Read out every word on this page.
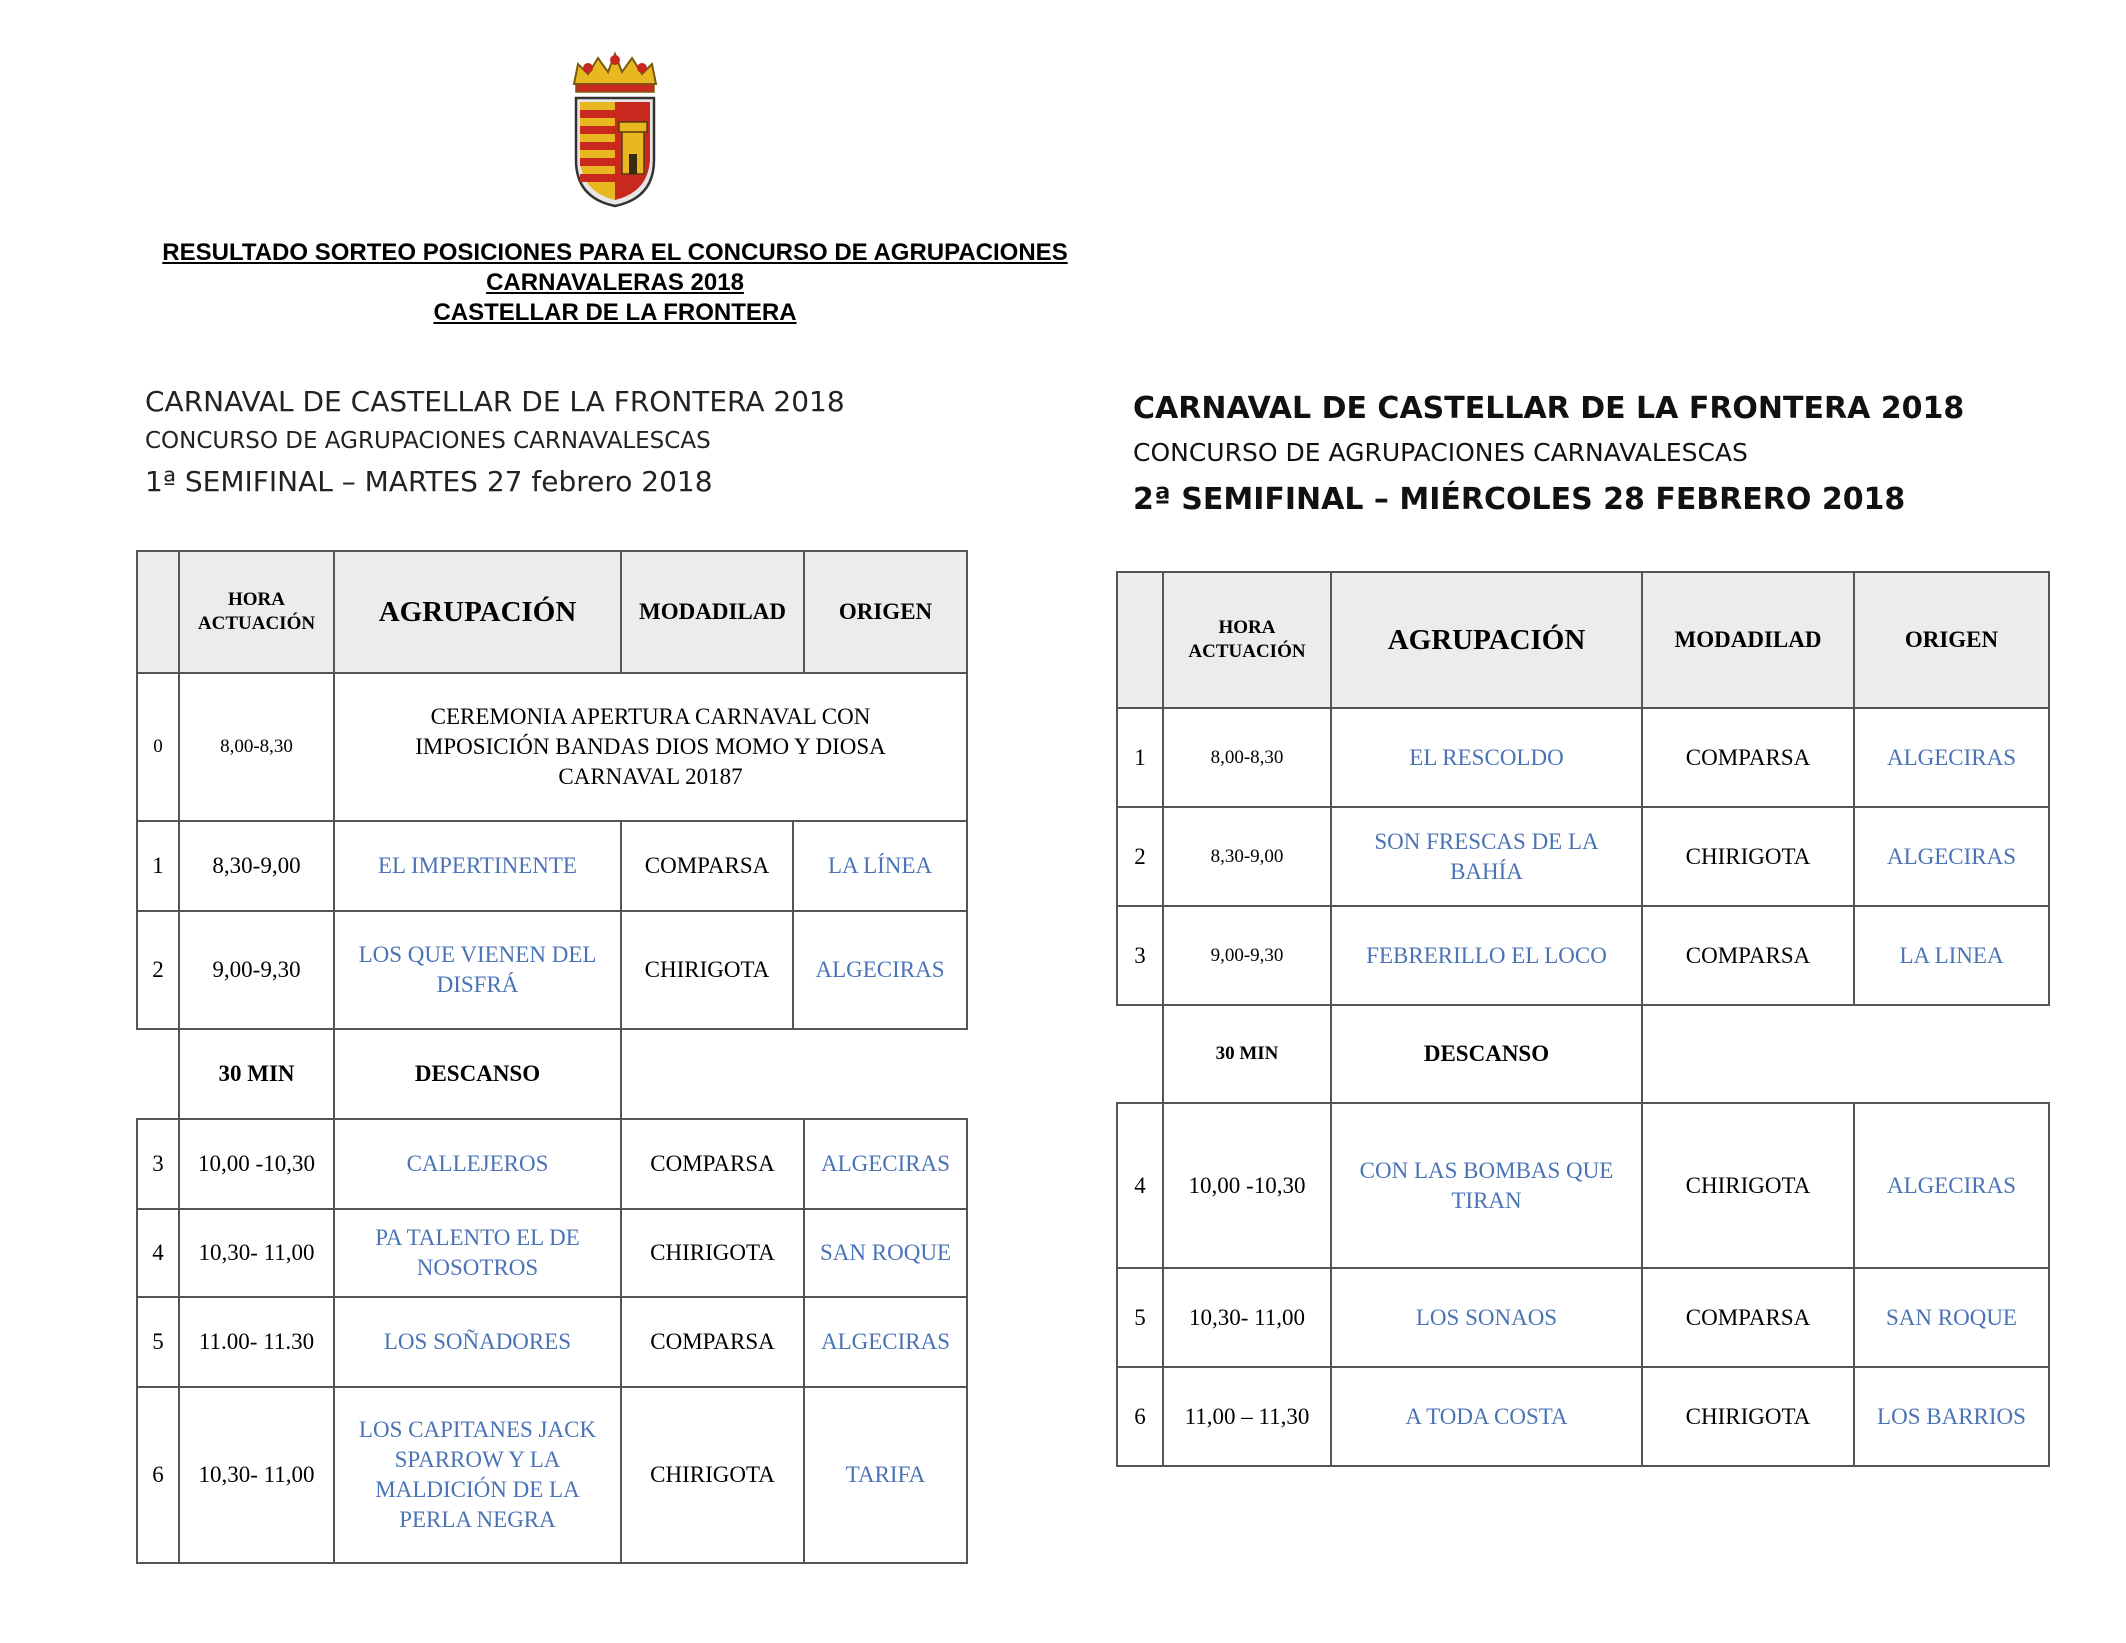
RESULTADO SORTEO POSICIONES PARA EL CONCURSO DE AGRUPACIONES
CARNAVALERAS 2018
CASTELLAR DE LA FRONTERA
CARNAVAL DE CASTELLAR DE LA FRONTERA 2018
CONCURSO DE AGRUPACIONES CARNAVALESCAS
1ª SEMIFINAL – MARTES 27 febrero 2018
CARNAVAL DE CASTELLAR DE LA FRONTERA 2018
CONCURSO DE AGRUPACIONES CARNAVALESCAS
2ª SEMIFINAL – MIÉRCOLES 28 FEBRERO 2018
	HORA ACTUACIÓN	AGRUPACIÓN	MODADILAD		ORIGEN
0	8,00-8,30	CEREMONIA APERTURA CARNAVAL CON IMPOSICIÓN BANDAS DIOS MOMO Y DIOSA CARNAVAL 20187			
1	8,30-9,00	EL IMPERTINENTE	COMPARSA	LA LÍNEA	
2	9,00-9,30	LOS QUE VIENEN DEL DISFRÁ	CHIRIGOTA	ALGECIRAS	
	30 MIN	DESCANSO			
3	10,00 -10,30	CALLEJEROS	COMPARSA		ALGECIRAS
4	10,30- 11,00	PA TALENTO EL DE NOSOTROS	CHIRIGOTA		SAN ROQUE
5	11.00- 11.30	LOS SOÑADORES	COMPARSA		ALGECIRAS
6	10,30- 11,00	LOS CAPITANES JACK SPARROW Y LA MALDICIÓN DE LA PERLA NEGRA	CHIRIGOTA		TARIFA
	HORA ACTUACIÓN	AGRUPACIÓN	MODADILAD	ORIGEN
1	8,00-8,30	EL RESCOLDO	COMPARSA	ALGECIRAS
2	8,30-9,00	SON FRESCAS DE LA BAHÍA	CHIRIGOTA	ALGECIRAS
3	9,00-9,30	FEBRERILLO EL LOCO	COMPARSA	LA LINEA
	30 MIN	DESCANSO		
4	10,00 -10,30	CON LAS BOMBAS QUE TIRAN	CHIRIGOTA	ALGECIRAS
5	10,30- 11,00	LOS SONAOS	COMPARSA	SAN ROQUE
6	11,00 – 11,30	A TODA COSTA	CHIRIGOTA	LOS BARRIOS
